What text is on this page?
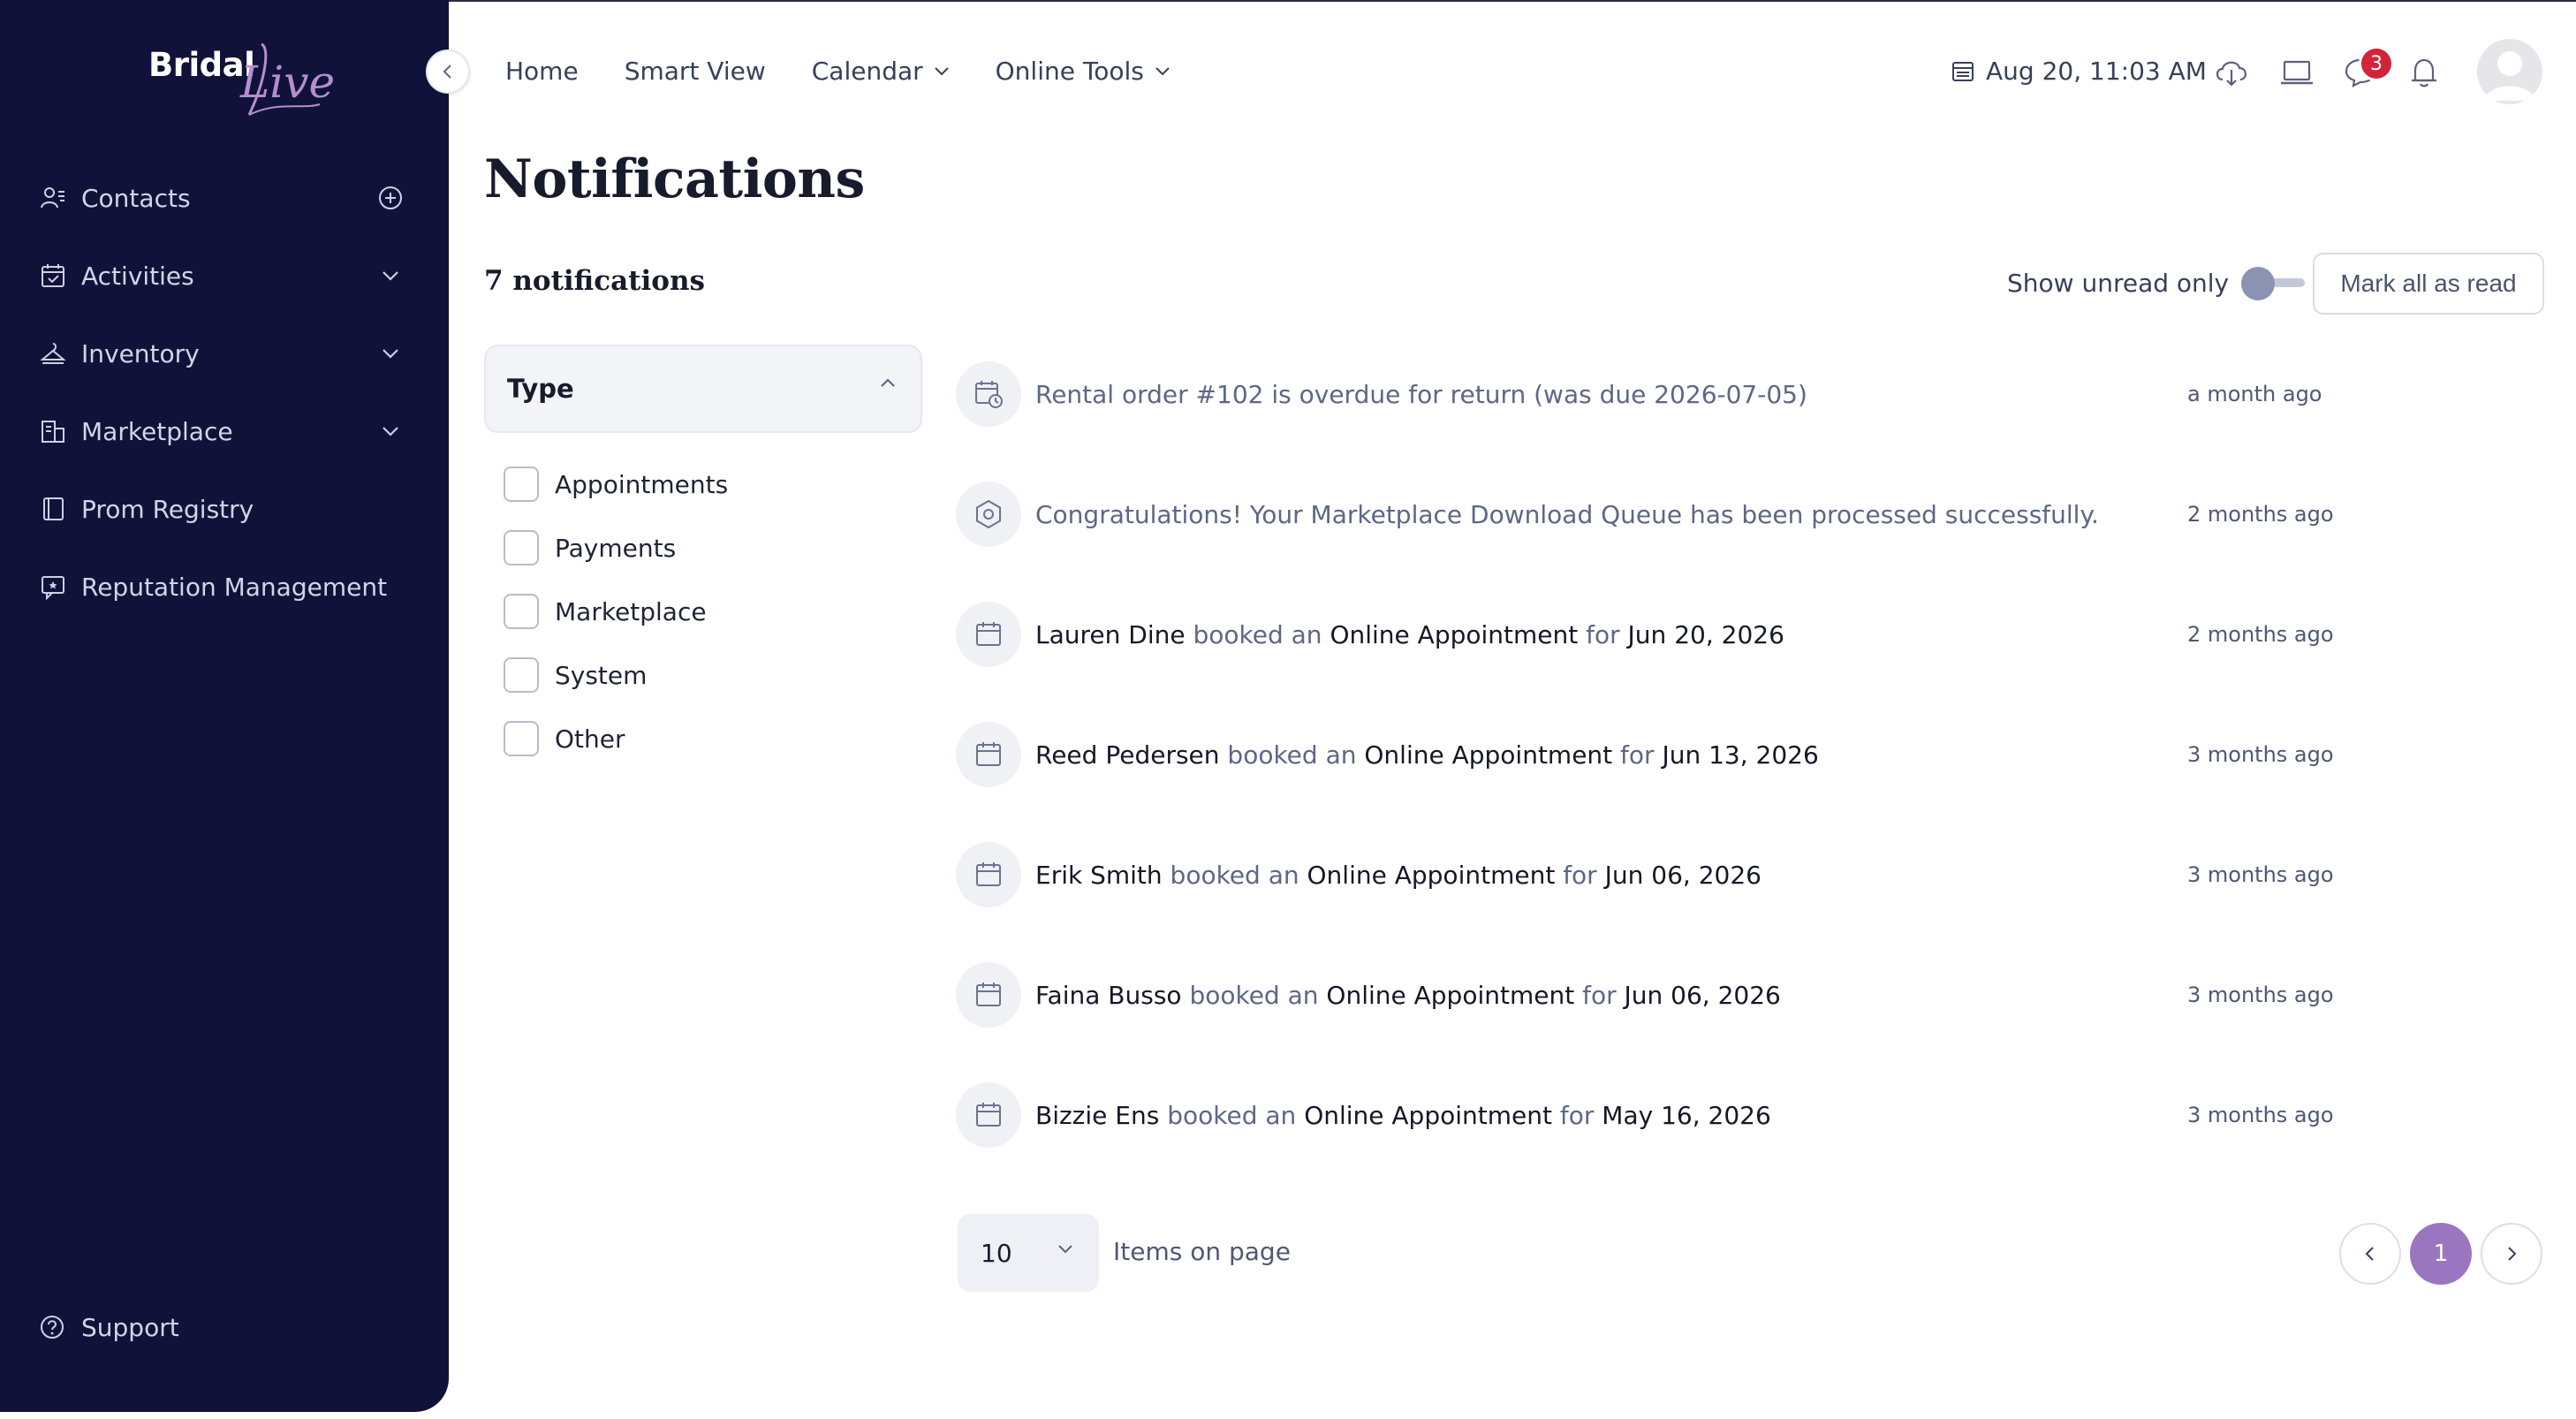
Bridal
Live
Contacts
Activities
Inventory
Marketplace
Prom Registry
Reputation Management
Support
Home Smart View Calendar	Online Tools	Aug 20, 11:03 AM	3
Notifications
7 notifications	Show unread only	Mark all as read
Type
Appointments
Payments
Marketplace
System
Other
Rental order #102 is overdue for return (was due 2026-07-05)	a month ago
Congratulations! Your Marketplace Download Queue has been processed successfully.	2 months ago
Lauren Dine booked an Online Appointment for Jun 20, 2026	2 months ago
Reed Pedersen booked an Online Appointment for Jun 13, 2026	3 months ago
Erik Smith booked an Online Appointment for Jun 06, 2026	3 months ago
Faina Busso booked an Online Appointment for Jun 06, 2026	3 months ago
Bizzie Ens booked an Online Appointment for May 16, 2026	3 months ago
10	Items on page	1
